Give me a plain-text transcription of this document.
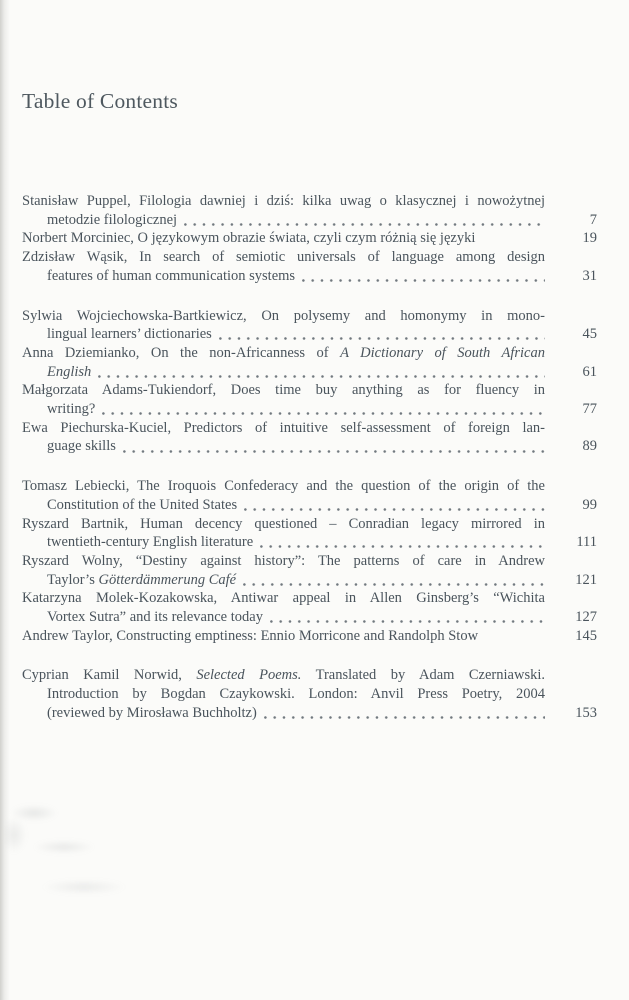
Table of Contents
Stanisław Puppel, Filologia dawniej i dziś: kilka uwag o klasycznej i nowożytnej
metodzie filologicznej	7
Norbert Morciniec, O językowym obrazie świata, czyli czym różnią się języki	19
Zdzisław Wąsik, In search of semiotic universals of language among design
features of human communication systems	31
Sylwia Wojciechowska-Bartkiewicz, On polysemy and homonymy in mono-
lingual learners’ dictionaries	45
Anna Dziemianko, On the non-Africanness of A Dictionary of South African
English	61
Małgorzata Adams-Tukiendorf, Does time buy anything as for fluency in
writing?	77
Ewa Piechurska-Kuciel, Predictors of intuitive self-assessment of foreign lan-
guage skills	89
Tomasz Lebiecki, The Iroquois Confederacy and the question of the origin of the
Constitution of the United States	99
Ryszard Bartnik, Human decency questioned – Conradian legacy mirrored in
twentieth-century English literature	111
Ryszard Wolny, “Destiny against history”: The patterns of care in Andrew
Taylor’s Götterdämmerung Café	121
Katarzyna Molek-Kozakowska, Antiwar appeal in Allen Ginsberg’s “Wichita
Vortex Sutra” and its relevance today	127
Andrew Taylor, Constructing emptiness: Ennio Morricone and Randolph Stow	145
Cyprian Kamil Norwid, Selected Poems. Translated by Adam Czerniawski.
Introduction by Bogdan Czaykowski. London: Anvil Press Poetry, 2004
(reviewed by Mirosława Buchholtz)	153
